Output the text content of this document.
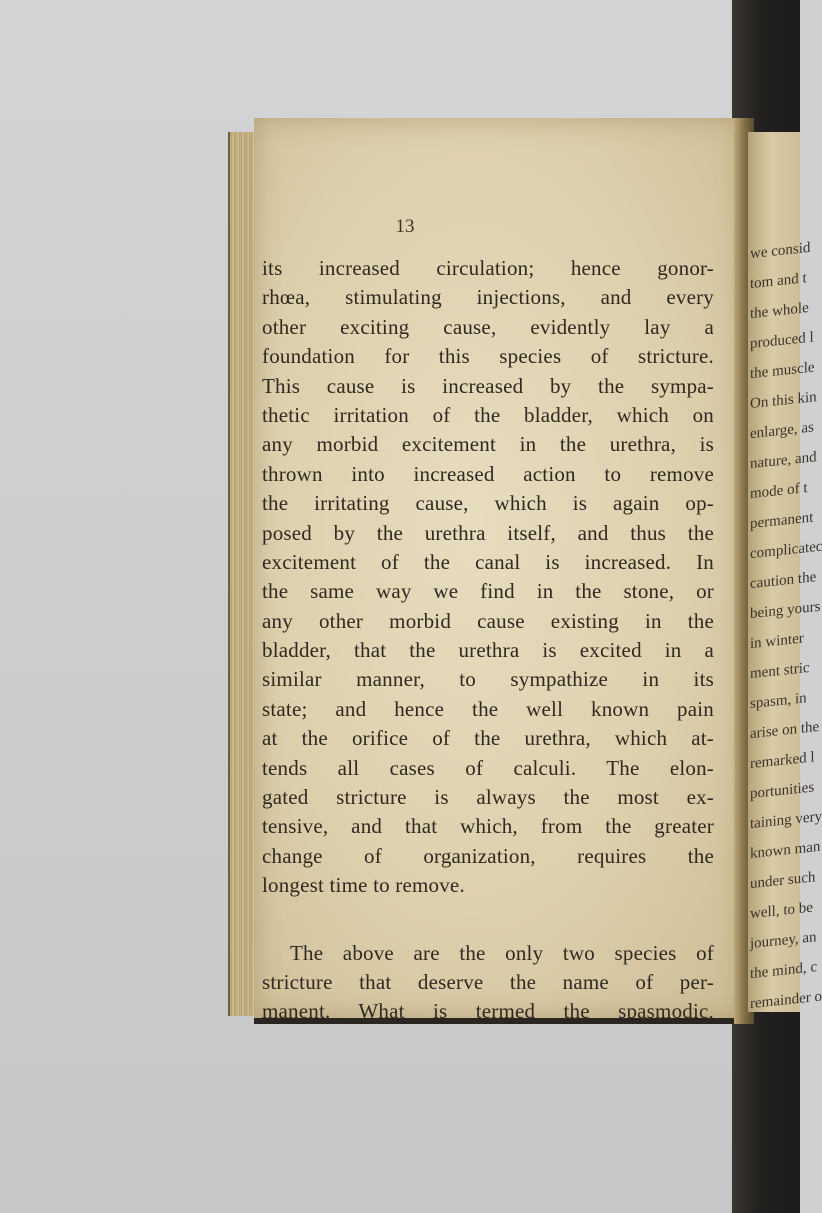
we consid
tom and t
the whole
produced l
the muscle
On this kin
enlarge, as
nature, and
mode of t
permanent
complicatec
caution the
being yours
in winter
ment stric
spasm, in
arise on the
remarked l
portunities
taining very
known man
under such
well, to be
journey, an
the mind, c
remainder o
13
its increased circulation; hence gonor-
rhœa, stimulating injections, and every
other exciting cause, evidently lay a
foundation for this species of stricture.
This cause is increased by the sympa-
thetic irritation of the bladder, which on
any morbid excitement in the urethra, is
thrown into increased action to remove
the irritating cause, which is again op-
posed by the urethra itself, and thus the
excitement of the canal is increased. In
the same way we find in the stone, or
any other morbid cause existing in the
bladder, that the urethra is excited in a
similar manner, to sympathize in its
state; and hence the well known pain
at the orifice of the urethra, which at-
tends all cases of calculi. The elon-
gated stricture is always the most ex-
tensive, and that which, from the greater
change of organization, requires the
longest time to remove.
The above are the only two species of
stricture that deserve the name of per-
manent. What is termed the spasmodic,
